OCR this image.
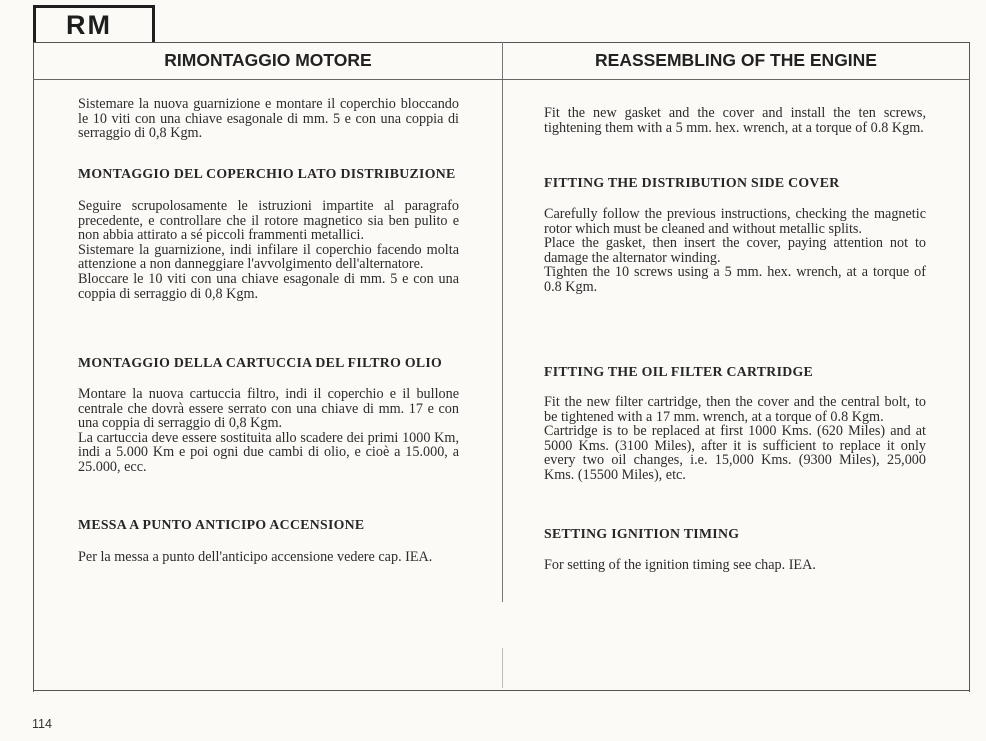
RM
RIMONTAGGIO MOTORE	REASSEMBLING OF THE ENGINE

Sistemare la nuova guarnizione e montare il coperchio bloccando le 10 viti con una chiave esagonale di mm. 5 e con una coppia di serraggio di 0,8 Kgm.

MONTAGGIO DEL COPERCHIO LATO DISTRIBUZIONE

Seguire scrupolosamente le istruzioni impartite al paragrafo precedente, e controllare che il rotore magnetico sia ben pulito e non abbia attirato a sé piccoli frammenti metallici.
Sistemare la guarnizione, indi infilare il coperchio facendo molta attenzione a non danneggiare l'avvolgimento dell'alternatore.
Bloccare le 10 viti con una chiave esagonale di mm. 5 e con una coppia di serraggio di 0,8 Kgm.

MONTAGGIO DELLA CARTUCCIA DEL FILTRO OLIO

Montare la nuova cartuccia filtro, indi il coperchio e il bullone centrale che dovrà essere serrato con una chiave di mm. 17 e con una coppia di serraggio di 0,8 Kgm.
La cartuccia deve essere sostituita allo scadere dei primi 1000 Km, indi a 5.000 Km e poi ogni due cambi di olio, e cioè a 15.000, a 25.000, ecc.

MESSA A PUNTO ANTICIPO ACCENSIONE

Per la messa a punto dell'anticipo accensione vedere cap. IEA.

Fit the new gasket and the cover and install the ten screws, tightening them with a 5 mm. hex. wrench, at a torque of 0.8 Kgm.

FITTING THE DISTRIBUTION SIDE COVER

Carefully follow the previous instructions, checking the magnetic rotor which must be cleaned and without metallic splits.
Place the gasket, then insert the cover, paying attention not to damage the alternator winding.
Tighten the 10 screws using a 5 mm. hex. wrench, at a torque of 0.8 Kgm.

FITTING THE OIL FILTER CARTRIDGE

Fit the new filter cartridge, then the cover and the central bolt, to be tightened with a 17 mm. wrench, at a torque of 0.8 Kgm.
Cartridge is to be replaced at first 1000 Kms. (620 Miles) and at 5000 Kms. (3100 Miles), after it is sufficient to replace it only every two oil changes, i.e. 15,000 Kms. (9300 Miles), 25,000 Kms. (15500 Miles), etc.

SETTING IGNITION TIMING

For setting of the ignition timing see chap. IEA.
114
